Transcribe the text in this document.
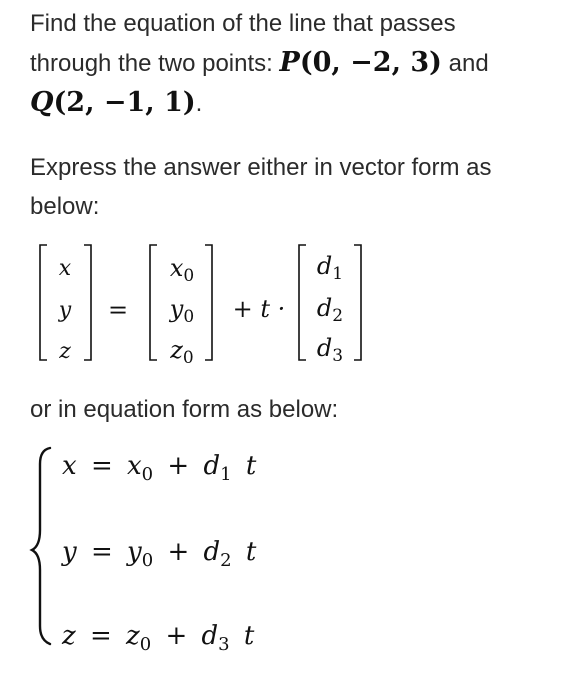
Find the equation of the line that passes
through the two points: P(0, −2, 3) and
Q(2, −1, 1).
Express the answer either in vector form as
below:
x
y
z
=
$x_0$
$y_0$
$z_0$
+ t ·
$d_1$
$d_2$
$d_3$
or in equation form as below:
$x = x_0 + d_1$ t
$y = y_0 + d_2$ t
$z = z_0 + d_3$ t
